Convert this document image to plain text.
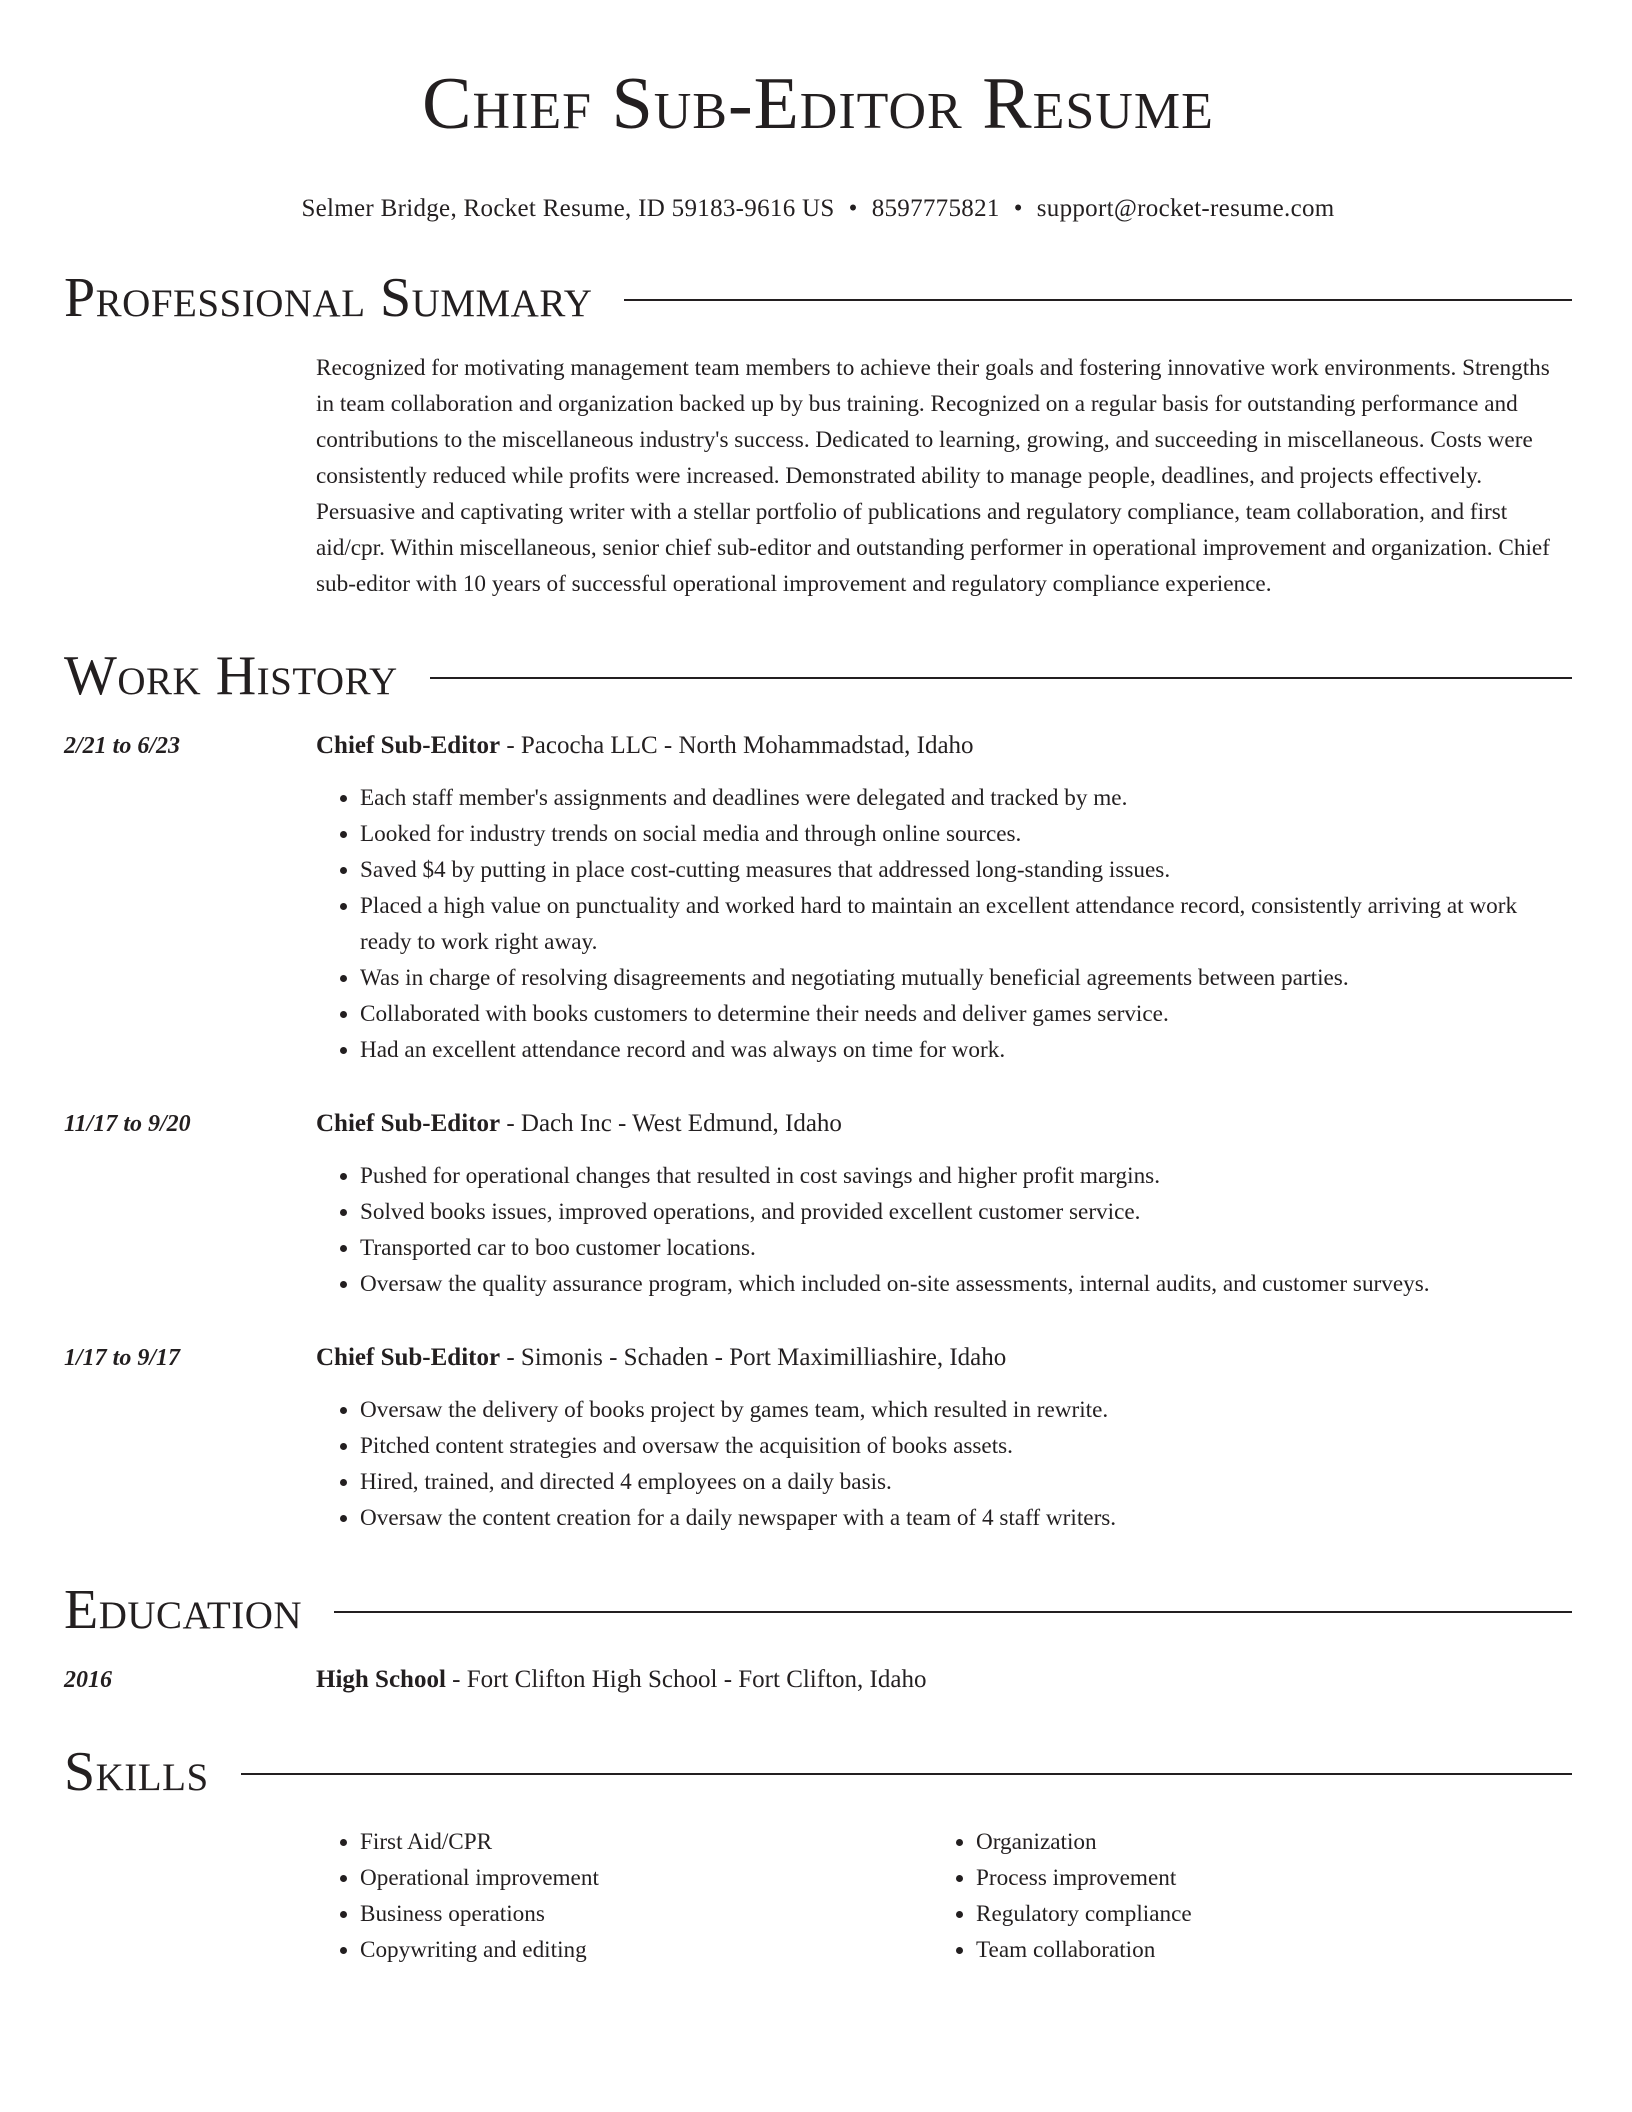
Chief Sub-Editor Resume
Selmer Bridge, Rocket Resume, ID 59183-9616 US • 8597775821 • support@rocket-resume.com
Professional Summary
Recognized for motivating management team members to achieve their goals and fostering innovative work environments. Strengths in team collaboration and organization backed up by bus training. Recognized on a regular basis for outstanding performance and contributions to the miscellaneous industry's success. Dedicated to learning, growing, and succeeding in miscellaneous. Costs were consistently reduced while profits were increased. Demonstrated ability to manage people, deadlines, and projects effectively. Persuasive and captivating writer with a stellar portfolio of publications and regulatory compliance, team collaboration, and first aid/cpr. Within miscellaneous, senior chief sub-editor and outstanding performer in operational improvement and organization. Chief sub-editor with 10 years of successful operational improvement and regulatory compliance experience.
Work History
2/21 to 6/23	Chief Sub-Editor - Pacocha LLC - North Mohammadstad, Idaho
• Each staff member's assignments and deadlines were delegated and tracked by me.
• Looked for industry trends on social media and through online sources.
• Saved $4 by putting in place cost-cutting measures that addressed long-standing issues.
• Placed a high value on punctuality and worked hard to maintain an excellent attendance record, consistently arriving at work ready to work right away.
• Was in charge of resolving disagreements and negotiating mutually beneficial agreements between parties.
• Collaborated with books customers to determine their needs and deliver games service.
• Had an excellent attendance record and was always on time for work.
11/17 to 9/20	Chief Sub-Editor - Dach Inc - West Edmund, Idaho
• Pushed for operational changes that resulted in cost savings and higher profit margins.
• Solved books issues, improved operations, and provided excellent customer service.
• Transported car to boo customer locations.
• Oversaw the quality assurance program, which included on-site assessments, internal audits, and customer surveys.
1/17 to 9/17	Chief Sub-Editor - Simonis - Schaden - Port Maximilliashire, Idaho
• Oversaw the delivery of books project by games team, which resulted in rewrite.
• Pitched content strategies and oversaw the acquisition of books assets.
• Hired, trained, and directed 4 employees on a daily basis.
• Oversaw the content creation for a daily newspaper with a team of 4 staff writers.
Education
2016	High School - Fort Clifton High School - Fort Clifton, Idaho
Skills
• First Aid/CPR
• Operational improvement
• Business operations
• Copywriting and editing
• Organization
• Process improvement
• Regulatory compliance
• Team collaboration
